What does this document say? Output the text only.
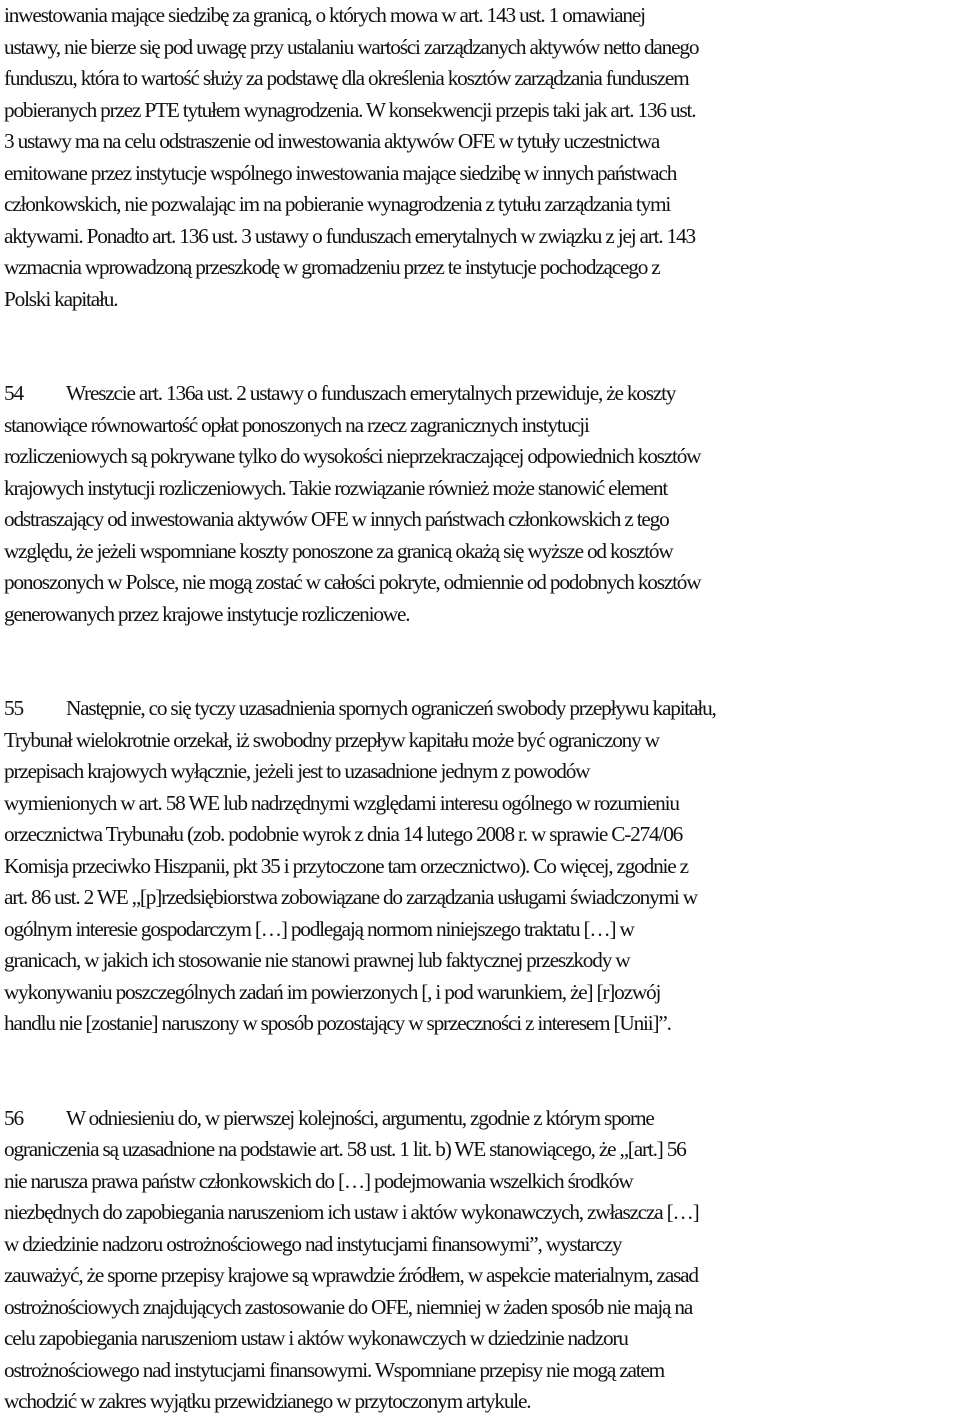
inwestowania mające siedzibę za granicą, o których mowa w art. 143 ust. 1 omawianej
ustawy, nie bierze się pod uwagę przy ustalaniu wartości zarządzanych aktywów netto danego
funduszu, która to wartość służy za podstawę dla określenia kosztów zarządzania funduszem
pobieranych przez PTE tytułem wynagrodzenia. W konsekwencji przepis taki jak art. 136 ust.
3 ustawy ma na celu odstraszenie od inwestowania aktywów OFE w tytuły uczestnictwa
emitowane przez instytucje wspólnego inwestowania mające siedzibę w innych państwach
członkowskich, nie pozwalając im na pobieranie wynagrodzenia z tytułu zarządzania tymi
aktywami. Ponadto art. 136 ust. 3 ustawy o funduszach emerytalnych w związku z jej art. 143
wzmacnia wprowadzoną przeszkodę w gromadzeniu przez te instytucje pochodzącego z
Polski kapitału.

54 Wreszcie art. 136a ust. 2 ustawy o funduszach emerytalnych przewiduje, że koszty
stanowiące równowartość opłat ponoszonych na rzecz zagranicznych instytucji
rozliczeniowych są pokrywane tylko do wysokości nieprzekraczającej odpowiednich kosztów
krajowych instytucji rozliczeniowych. Takie rozwiązanie również może stanowić element
odstraszający od inwestowania aktywów OFE w innych państwach członkowskich z tego
względu, że jeżeli wspomniane koszty ponoszone za granicą okażą się wyższe od kosztów
ponoszonych w Polsce, nie mogą zostać w całości pokryte, odmiennie od podobnych kosztów
generowanych przez krajowe instytucje rozliczeniowe.

55 Następnie, co się tyczy uzasadnienia spornych ograniczeń swobody przepływu kapitału,
Trybunał wielokrotnie orzekał, iż swobodny przepływ kapitału może być ograniczony w
przepisach krajowych wyłącznie, jeżeli jest to uzasadnione jednym z powodów
wymienionych w art. 58 WE lub nadrzędnymi względami interesu ogólnego w rozumieniu
orzecznictwa Trybunału (zob. podobnie wyrok z dnia 14 lutego 2008 r. w sprawie C‑274/06
Komisja przeciwko Hiszpanii, pkt 35 i przytoczone tam orzecznictwo). Co więcej, zgodnie z
art. 86 ust. 2 WE „[p]rzedsiębiorstwa zobowiązane do zarządzania usługami świadczonymi w
ogólnym interesie gospodarczym […] podlegają normom niniejszego traktatu […] w
granicach, w jakich ich stosowanie nie stanowi prawnej lub faktycznej przeszkody w
wykonywaniu poszczególnych zadań im powierzonych [, i pod warunkiem, że] [r]ozwój
handlu nie [zostanie] naruszony w sposób pozostający w sprzeczności z interesem [Unii]”.

56 W odniesieniu do, w pierwszej kolejności, argumentu, zgodnie z którym sporne
ograniczenia są uzasadnione na podstawie art. 58 ust. 1 lit. b) WE stanowiącego, że „[art.] 56
nie narusza prawa państw członkowskich do […] podejmowania wszelkich środków
niezbędnych do zapobiegania naruszeniom ich ustaw i aktów wykonawczych, zwłaszcza […]
w dziedzinie nadzoru ostrożnościowego nad instytucjami finansowymi”, wystarczy
zauważyć, że sporne przepisy krajowe są wprawdzie źródłem, w aspekcie materialnym, zasad
ostrożnościowych znajdujących zastosowanie do OFE, niemniej w żaden sposób nie mają na
celu zapobiegania naruszeniom ustaw i aktów wykonawczych w dziedzinie nadzoru
ostrożnościowego nad instytucjami finansowymi. Wspomniane przepisy nie mogą zatem
wchodzić w zakres wyjątku przewidzianego w przytoczonym artykule.
